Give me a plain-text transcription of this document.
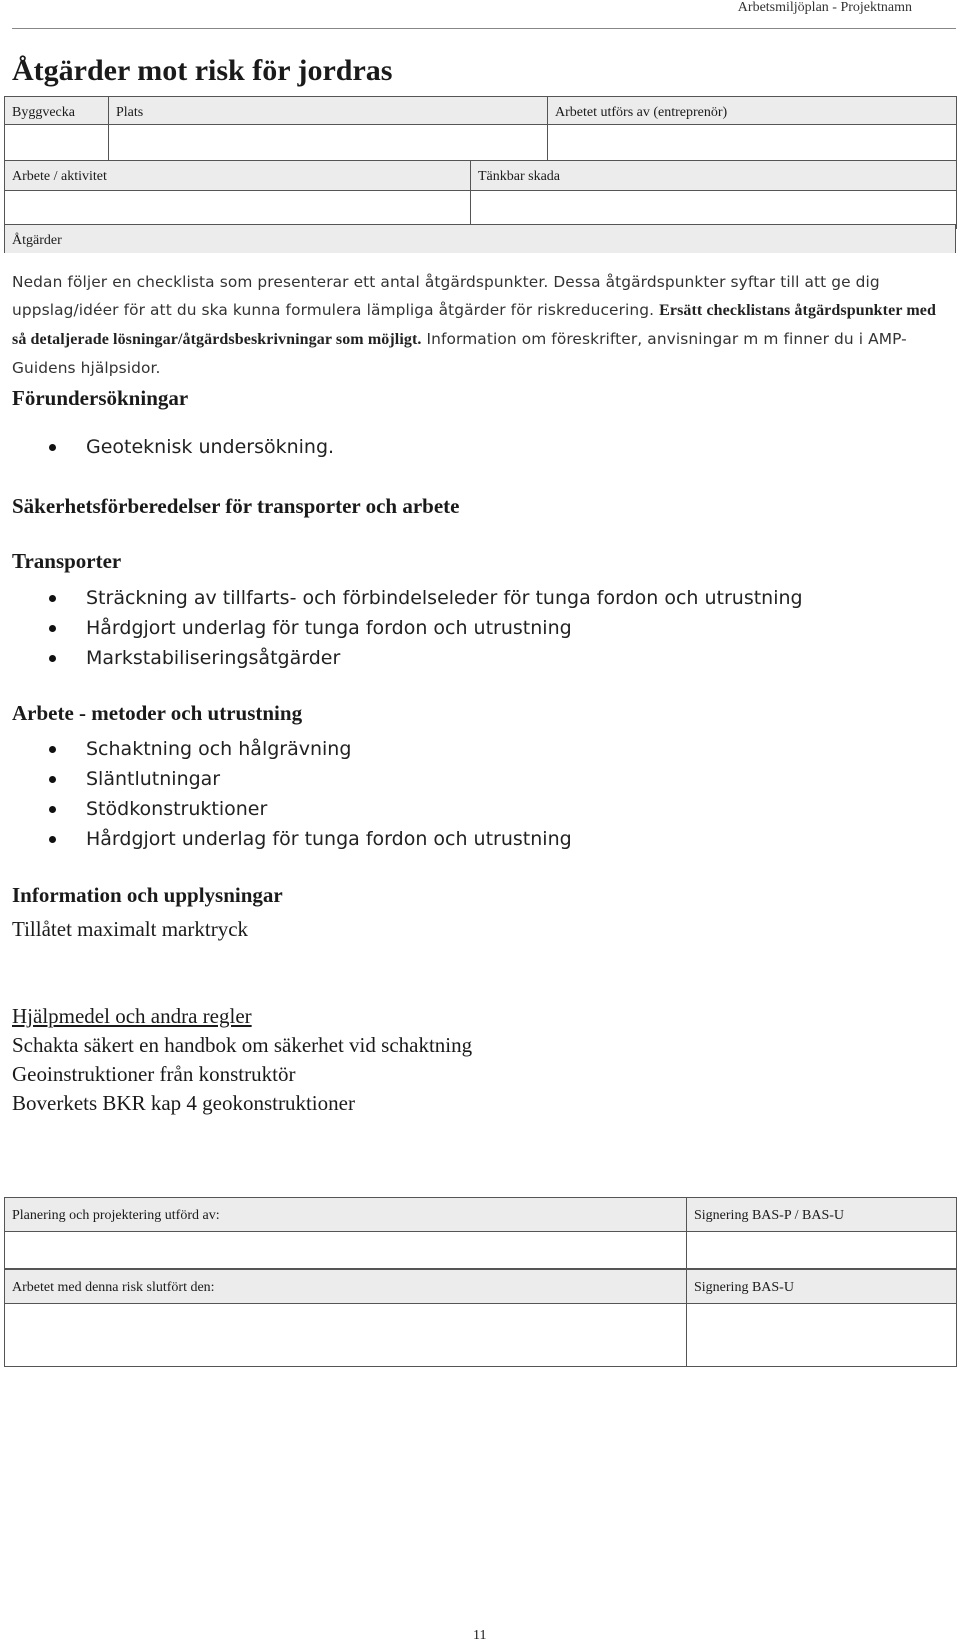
Arbetsmiljöplan - Projektnamn
Åtgärder mot risk för jordras
Byggvecka	Plats	Arbetet utförs av (entreprenör)

Arbete / aktivitet	Tänkbar skada

Åtgärder
Nedan följer en checklista som presenterar ett antal åtgärdspunkter. Dessa åtgärdspunkter syftar till att ge dig uppslag/idéer för att du ska kunna formulera lämpliga åtgärder för riskreducering. Ersätt checklistans åtgärdspunkter med så detaljerade lösningar/åtgärdsbeskrivningar som möjligt. Information om föreskrifter, anvisningar m m finner du i AMP-Guidens hjälpsidor.
Förundersökningar
Geoteknisk undersökning.
Säkerhetsförberedelser för transporter och arbete
Transporter
Sträckning av tillfarts- och förbindelseleder för tunga fordon och utrustning
Hårdgjort underlag för tunga fordon och utrustning
Markstabiliseringsåtgärder
Arbete - metoder och utrustning
Schaktning och hålgrävning
Släntlutningar
Stödkonstruktioner
Hårdgjort underlag för tunga fordon och utrustning
Information och upplysningar
Tillåtet maximalt marktryck
Hjälpmedel och andra regler
Schakta säkert en handbok om säkerhet vid schaktning
Geoinstruktioner från konstruktör
Boverkets BKR kap 4 geokonstruktioner
Planering och projektering utförd av:	Signering BAS-P / BAS-U

Arbetet med denna risk slutfört den:	Signering BAS-U

11
